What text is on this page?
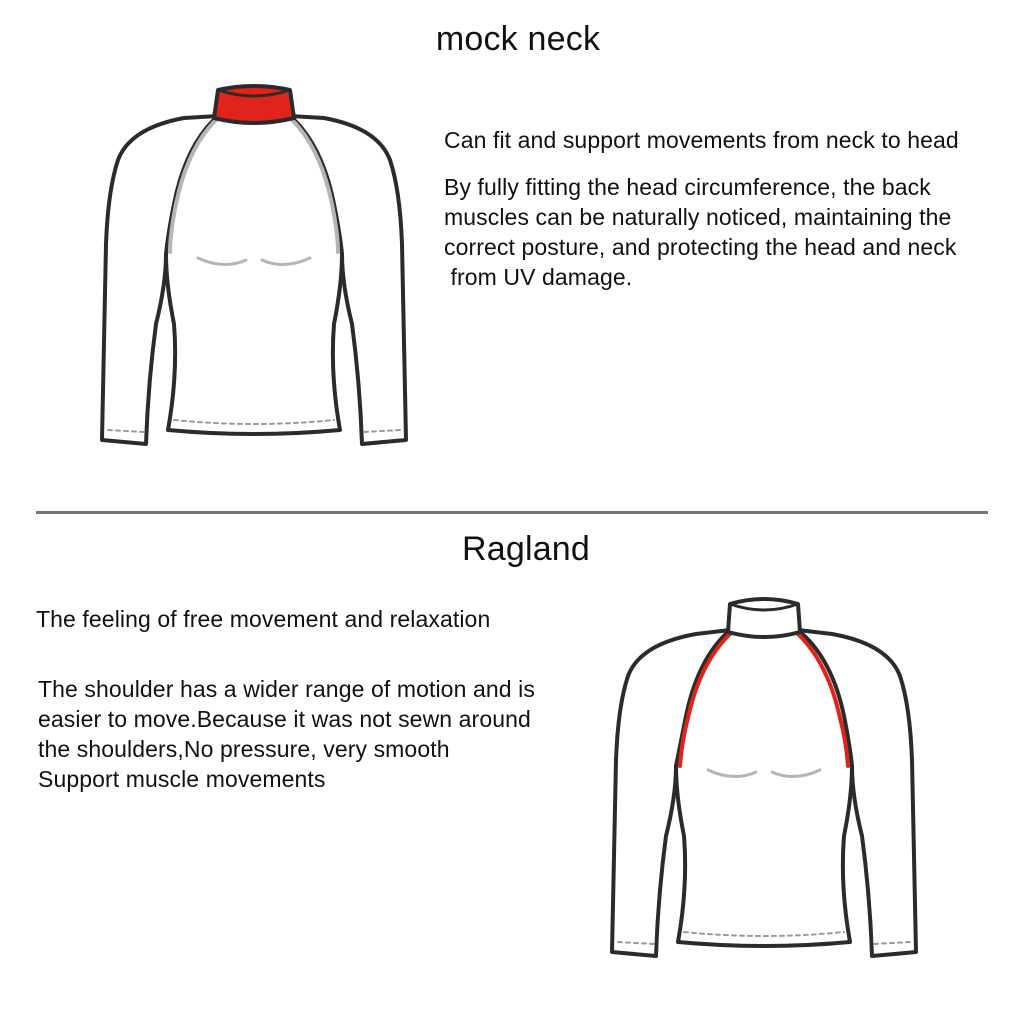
mock neck

Can fit and support movements from neck to head

By fully fitting the head circumference, the back

muscles can be naturally noticed, maintaining the

correct posture, and protecting the head and neck

from UV damage.

Ragland

The feeling of free movement and relaxation

The shoulder has a wider range of motion and is

easier to move.Because it was not sewn around

the shoulders,No pressure, very smooth

Support muscle movements
